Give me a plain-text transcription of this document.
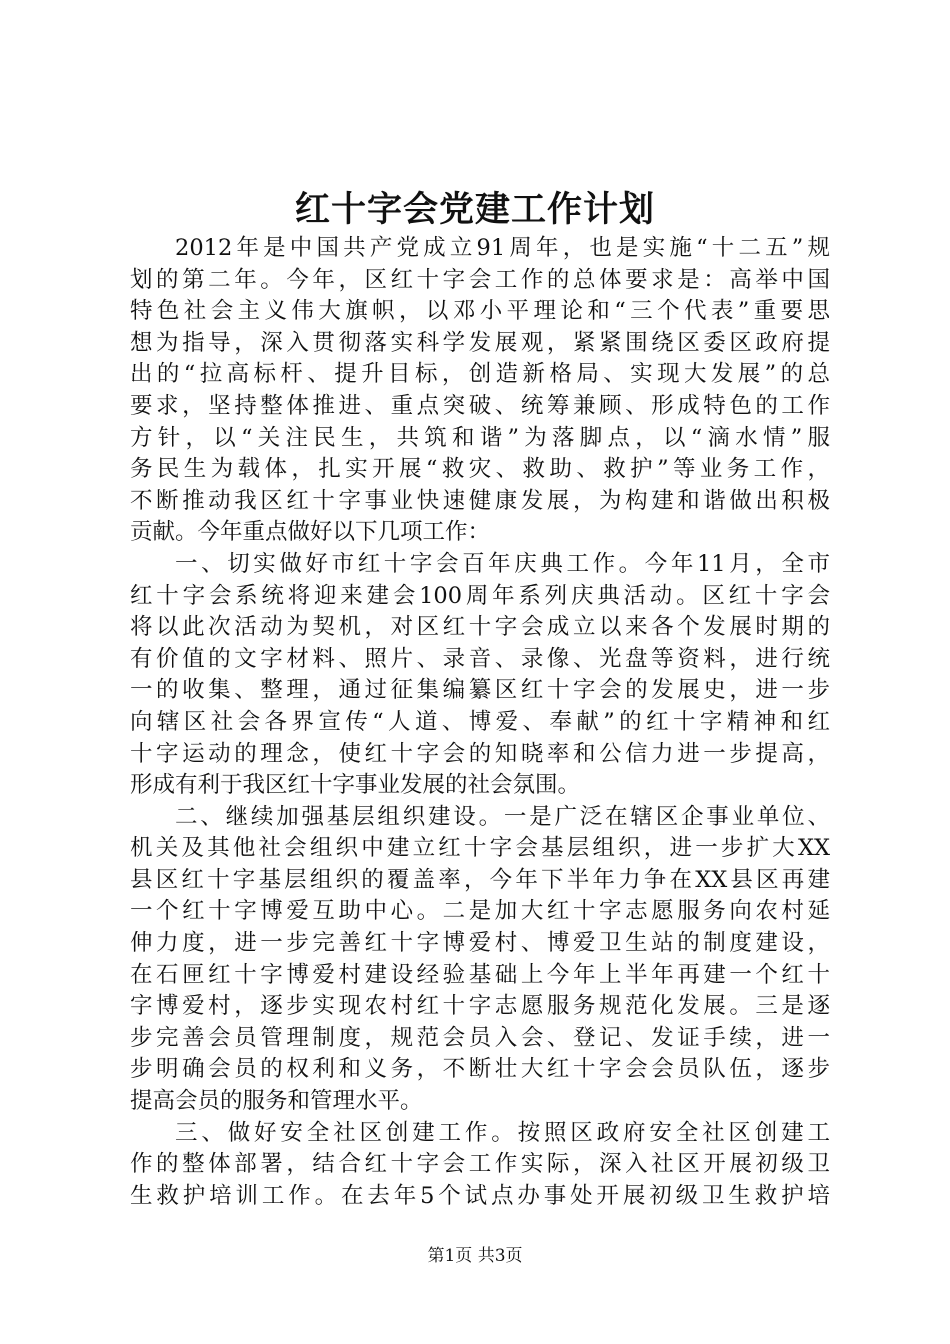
红十字会党建工作计划
2012年是中国共产党成立91周年，也是实施“十二五”规
划的第二年。今年，区红十字会工作的总体要求是：高举中国
特色社会主义伟大旗帜，以邓小平理论和“三个代表”重要思
想为指导，深入贯彻落实科学发展观，紧紧围绕区委区政府提
出的“拉高标杆、提升目标，创造新格局、实现大发展”的总
要求，坚持整体推进、重点突破、统筹兼顾、形成特色的工作
方针，以“关注民生，共筑和谐”为落脚点，以“滴水情”服
务民生为载体，扎实开展“救灾、救助、救护”等业务工作，
不断推动我区红十字事业快速健康发展，为构建和谐做出积极
贡献。今年重点做好以下几项工作：
一、切实做好市红十字会百年庆典工作。今年11月，全市
红十字会系统将迎来建会100周年系列庆典活动。区红十字会
将以此次活动为契机，对区红十字会成立以来各个发展时期的
有价值的文字材料、照片、录音、录像、光盘等资料，进行统
一的收集、整理，通过征集编纂区红十字会的发展史，进一步
向辖区社会各界宣传“人道、博爱、奉献”的红十字精神和红
十字运动的理念，使红十字会的知晓率和公信力进一步提高，
形成有利于我区红十字事业发展的社会氛围。
二、继续加强基层组织建设。一是广泛在辖区企事业单位、
机关及其他社会组织中建立红十字会基层组织，进一步扩大XX
县区红十字基层组织的覆盖率，今年下半年力争在XX县区再建
一个红十字博爱互助中心。二是加大红十字志愿服务向农村延
伸力度，进一步完善红十字博爱村、博爱卫生站的制度建设，
在石匣红十字博爱村建设经验基础上今年上半年再建一个红十
字博爱村，逐步实现农村红十字志愿服务规范化发展。三是逐
步完善会员管理制度，规范会员入会、登记、发证手续，进一
步明确会员的权利和义务，不断壮大红十字会会员队伍，逐步
提高会员的服务和管理水平。
三、做好安全社区创建工作。按照区政府安全社区创建工
作的整体部署，结合红十字会工作实际，深入社区开展初级卫
生救护培训工作。在去年5个试点办事处开展初级卫生救护培
第1页 共3页
